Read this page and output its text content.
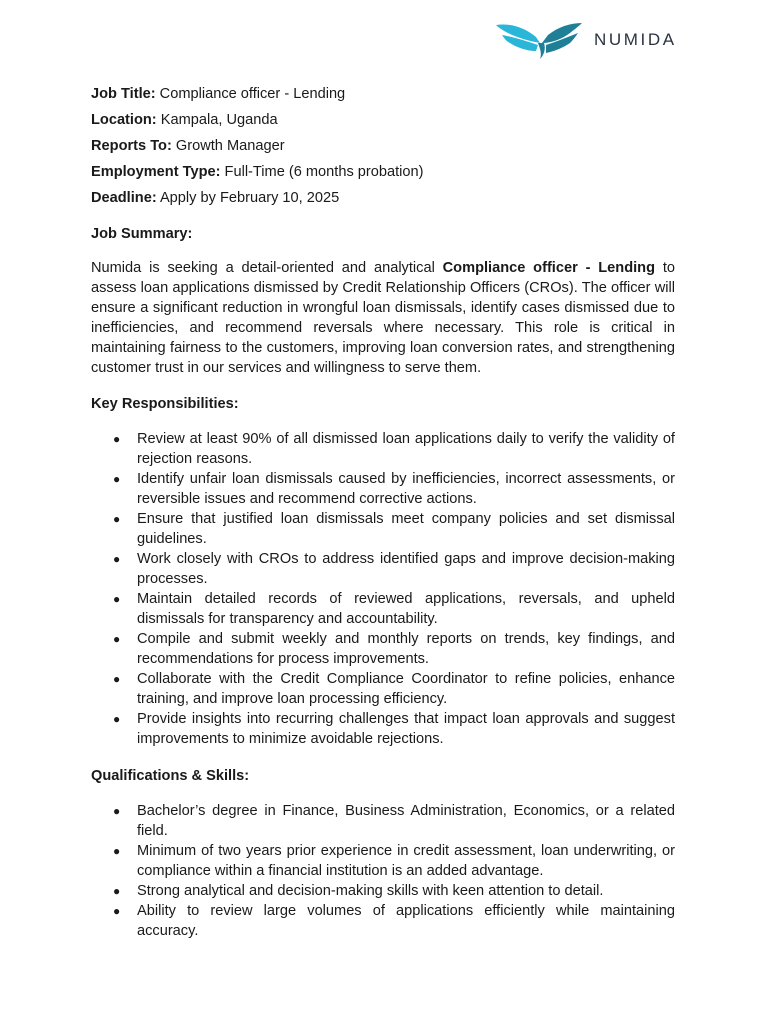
NUMIDA
Job Title: Compliance officer - Lending
Location: Kampala, Uganda
Reports To: Growth Manager
Employment Type: Full-Time (6 months probation)
Deadline: Apply by February 10, 2025

Job Summary:

Numida is seeking a detail-oriented and analytical Compliance officer - Lending to assess loan applications dismissed by Credit Relationship Officers (CROs). The officer will ensure a significant reduction in wrongful loan dismissals, identify cases dismissed due to inefficiencies, and recommend reversals where necessary. This role is critical in maintaining fairness to the customers, improving loan conversion rates, and strengthening customer trust in our services and willingness to serve them.

Key Responsibilities:

● Review at least 90% of all dismissed loan applications daily to verify the validity of rejection reasons.
● Identify unfair loan dismissals caused by inefficiencies, incorrect assessments, or reversible issues and recommend corrective actions.
● Ensure that justified loan dismissals meet company policies and set dismissal guidelines.
● Work closely with CROs to address identified gaps and improve decision-making processes.
● Maintain detailed records of reviewed applications, reversals, and upheld dismissals for transparency and accountability.
● Compile and submit weekly and monthly reports on trends, key findings, and recommendations for process improvements.
● Collaborate with the Credit Compliance Coordinator to refine policies, enhance training, and improve loan processing efficiency.
● Provide insights into recurring challenges that impact loan approvals and suggest improvements to minimize avoidable rejections.

Qualifications & Skills:

● Bachelor’s degree in Finance, Business Administration, Economics, or a related field.
● Minimum of two years prior experience in credit assessment, loan underwriting, or compliance within a financial institution is an added advantage.
● Strong analytical and decision-making skills with keen attention to detail.
● Ability to review large volumes of applications efficiently while maintaining accuracy.
